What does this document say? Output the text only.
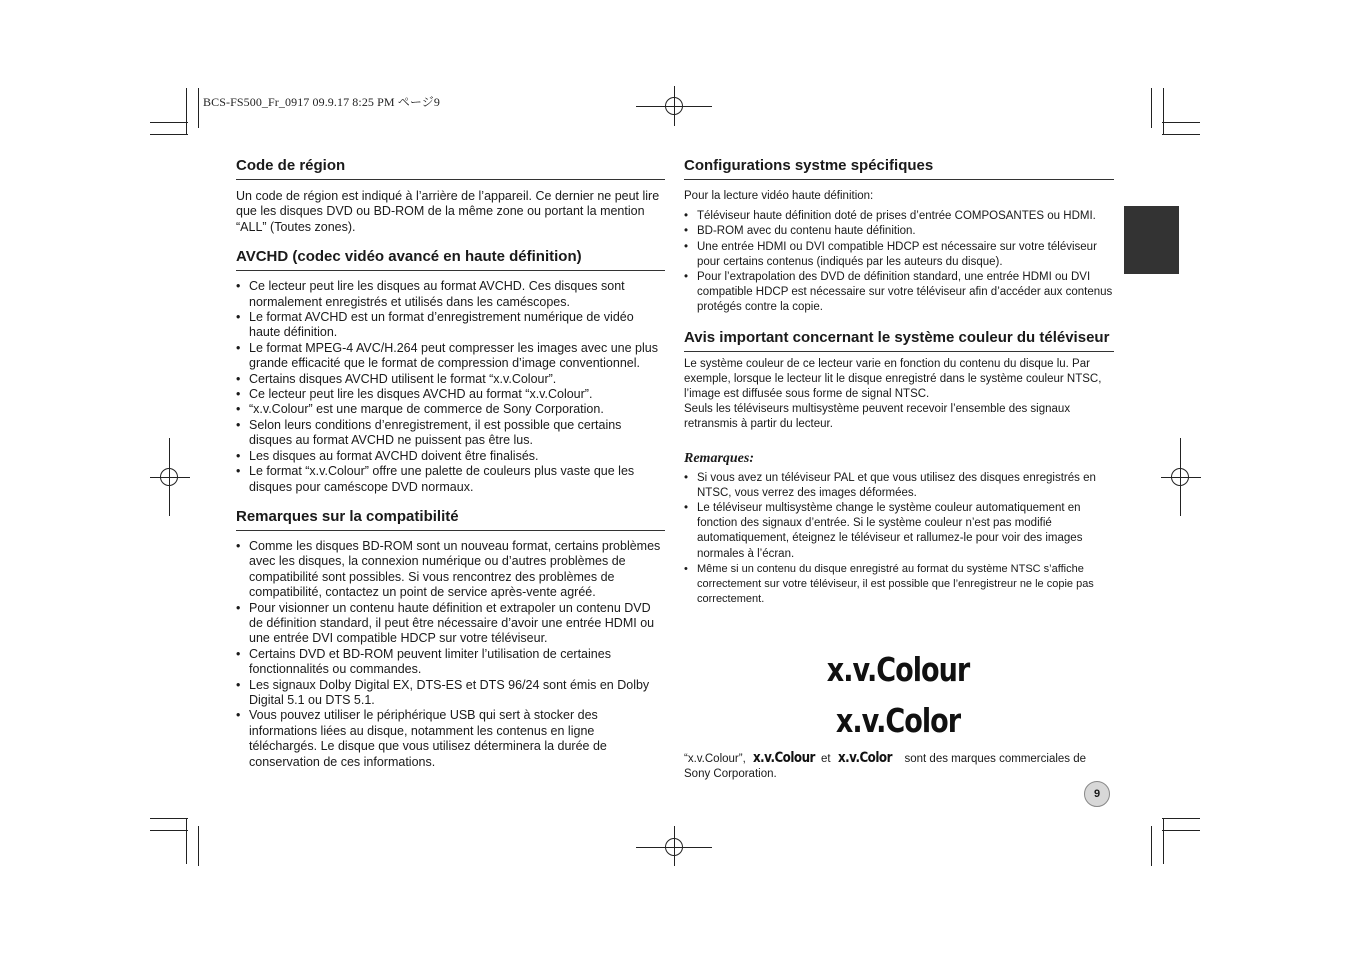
BCS-FS500_Fr_0917 09.9.17 8:25 PM ページ9
Code de région

Un code de région est indiqué à l’arrière de l’appareil. Ce dernier ne peut lire que les disques DVD ou BD-ROM de la même zone ou portant la mention “ALL” (Toutes zones).

AVCHD (codec vidéo avancé en haute définition)
• Ce lecteur peut lire les disques au format AVCHD. Ces disques sont normalement enregistrés et utilisés dans les caméscopes.
• Le format AVCHD est un format d’enregistrement numérique de vidéo haute définition.
• Le format MPEG-4 AVC/H.264 peut compresser les images avec une plus grande efficacité que le format de compression d’image conventionnel.
• Certains disques AVCHD utilisent le format “x.v.Colour”.
• Ce lecteur peut lire les disques AVCHD au format “x.v.Colour”.
• “x.v.Colour” est une marque de commerce de Sony Corporation.
• Selon leurs conditions d’enregistrement, il est possible que certains disques au format AVCHD ne puissent pas être lus.
• Les disques au format AVCHD doivent être finalisés.
• Le format “x.v.Colour” offre une palette de couleurs plus vaste que les disques pour caméscope DVD normaux.
Remarques sur la compatibilité
• Comme les disques BD-ROM sont un nouveau format, certains problèmes avec les disques, la connexion numérique ou d’autres problèmes de compatibilité sont possibles. Si vous rencontrez des problèmes de compatibilité, contactez un point de service après-vente agréé.
• Pour visionner un contenu haute définition et extrapoler un contenu DVD de définition standard, il peut être nécessaire d’avoir une entrée HDMI ou une entrée DVI compatible HDCP sur votre téléviseur.
• Certains DVD et BD-ROM peuvent limiter l’utilisation de certaines fonctionnalités ou commandes.
• Les signaux Dolby Digital EX, DTS-ES et DTS 96/24 sont émis en Dolby Digital 5.1 ou DTS 5.1.
• Vous pouvez utiliser le périphérique USB qui sert à stocker des informations liées au disque, notamment les contenus en ligne téléchargés. Le disque que vous utilisez déterminera la durée de conservation de ces informations.
Configurations systme spécifiques

Pour la lecture vidéo haute définition:

• Téléviseur haute définition doté de prises d’entrée COMPOSANTES ou HDMI.
• BD-ROM avec du contenu haute définition.
• Une entrée HDMI ou DVI compatible HDCP est nécessaire sur votre téléviseur pour certains contenus (indiqués par les auteurs du disque).
• Pour l’extrapolation des DVD de définition standard, une entrée HDMI ou DVI compatible HDCP est nécessaire sur votre téléviseur afin d’accéder aux contenus protégés contre la copie.
Avis important concernant le système couleur du téléviseur

Le système couleur de ce lecteur varie en fonction du contenu du disque lu. Par exemple, lorsque le lecteur lit le disque enregistré dans le système couleur NTSC, l’image est diffusée sous forme de signal NTSC.
Seuls les téléviseurs multisystème peuvent recevoir l’ensemble des signaux retransmis à partir du lecteur.

Remarques:

• Si vous avez un téléviseur PAL et que vous utilisez des disques enregistrés en NTSC, vous verrez des images déformées.
• Le téléviseur multisystème change le système couleur automatiquement en fonction des signaux d’entrée. Si le système couleur n’est pas modifié automatiquement, éteignez le téléviseur et rallumez-le pour voir des images normales à l’écran.
• Même si un contenu du disque enregistré au format du système NTSC s’affiche correctement sur votre téléviseur, il est possible que l’enregistreur ne le copie pas correctement.
x.v.Colour
x.v.Color

“x.v.Colour”, x.v.Colour et x.v.Color sont des marques commerciales de

Sony Corporation.

9
